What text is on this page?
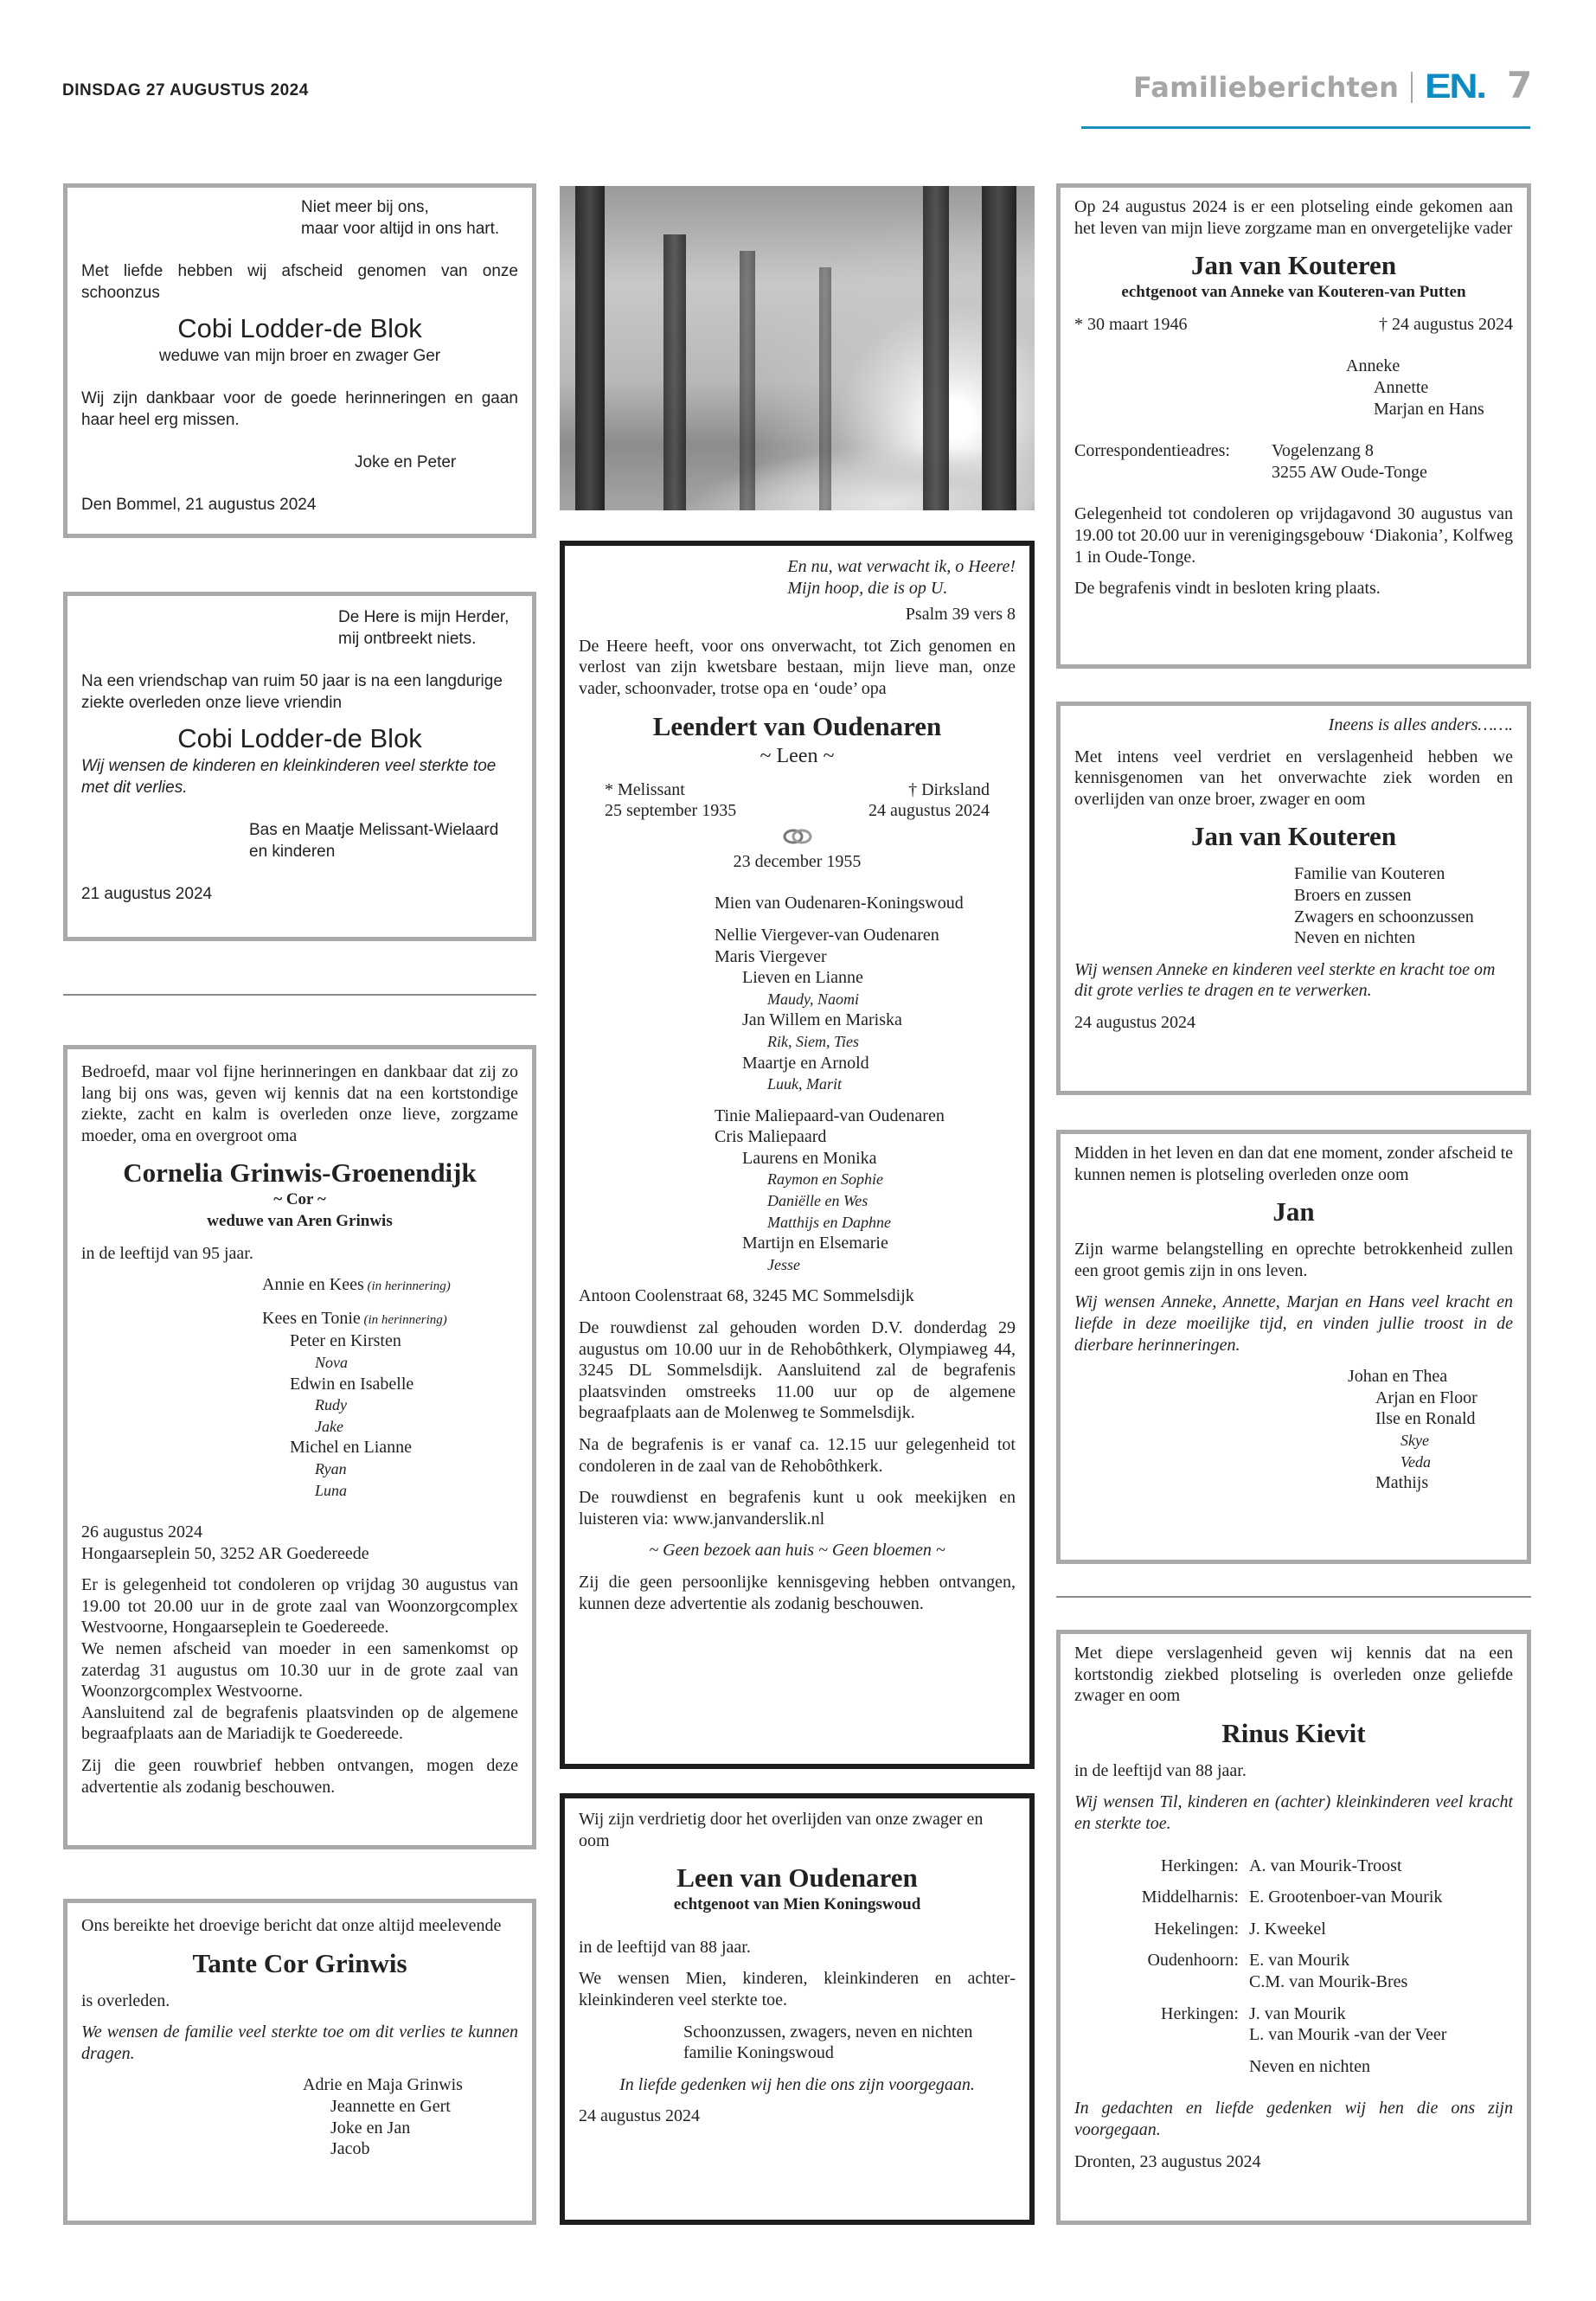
DINSDAG 27 AUGUSTUS 2024	Familieberichten EN. 7
Niet meer bij ons,
maar voor altijd in ons hart.
Met liefde hebben wij afscheid genomen van onze schoonzus
Cobi Lodder-de Blok
weduwe van mijn broer en zwager Ger
Wij zijn dankbaar voor de goede herinneringen en gaan haar heel erg missen.
Joke en Peter
Den Bommel, 21 augustus 2024
De Here is mijn Herder,
mij ontbreekt niets.
Na een vriendschap van ruim 50 jaar is na een langdurige ziekte overleden onze lieve vriendin
Cobi Lodder-de Blok
Wij wensen de kinderen en kleinkinderen veel sterkte toe met dit verlies.
Bas en Maatje Melissant-Wielaard
en kinderen
21 augustus 2024
Bedroefd, maar vol fijne herinneringen en dankbaar dat zij zo lang bij ons was, geven wij kennis dat na een kortstondige ziekte, zacht en kalm is overleden onze lieve, zorgzame moeder, oma en overgroot oma
Cornelia Grinwis-Groenendijk
~ Cor ~
weduwe van Aren Grinwis
in de leeftijd van 95 jaar.
Annie en Kees (in herinnering)
Kees en Tonie (in herinnering)
Peter en Kirsten
Nova
Edwin en Isabelle
Rudy
Jake
Michel en Lianne
Ryan
Luna
26 augustus 2024
Hongaarseplein 50, 3252 AR Goedereede
Er is gelegenheid tot condoleren op vrijdag 30 augustus van 19.00 tot 20.00 uur in de grote zaal van Woonzorgcomplex Westvoorne, Hongaarseplein te Goedereede.
We nemen afscheid van moeder in een samenkomst op zaterdag 31 augustus om 10.30 uur in de grote zaal van Woonzorgcomplex Westvoorne.
Aansluitend zal de begrafenis plaatsvinden op de algemene begraafplaats aan de Mariadijk te Goedereede.
Zij die geen rouwbrief hebben ontvangen, mogen deze advertentie als zodanig beschouwen.
Ons bereikte het droevige bericht dat onze altijd meelevende
Tante Cor Grinwis
is overleden.
We wensen de familie veel sterkte toe om dit verlies te kunnen dragen.
Adrie en Maja Grinwis
Jeannette en Gert
Joke en Jan
Jacob
En nu, wat verwacht ik, o Heere!
Mijn hoop, die is op U.
Psalm 39 vers 8
De Heere heeft, voor ons onverwacht, tot Zich genomen en verlost van zijn kwetsbare bestaan, mijn lieve man, onze vader, schoonvader, trotse opa en ‘oude’ opa
Leendert van Oudenaren
~ Leen ~
* Melissant
25 september 1935
† Dirksland
24 augustus 2024
23 december 1955
Mien van Oudenaren-Koningswoud
Nellie Viergever-van Oudenaren
Maris Viergever
Lieven en Lianne
Maudy, Naomi
Jan Willem en Mariska
Rik, Siem, Ties
Maartje en Arnold
Luuk, Marit
Tinie Maliepaard-van Oudenaren
Cris Maliepaard
Laurens en Monika
Raymon en Sophie
Daniëlle en Wes
Matthijs en Daphne
Martijn en Elsemarie
Jesse
Antoon Coolenstraat 68, 3245 MC Sommelsdijk
De rouwdienst zal gehouden worden D.V. donderdag 29 augustus om 10.00 uur in de Rehobôthkerk, Olympiaweg 44, 3245 DL Sommelsdijk. Aansluitend zal de begrafenis plaatsvinden omstreeks 11.00 uur op de algemene begraafplaats aan de Molenweg te Sommelsdijk.
Na de begrafenis is er vanaf ca. 12.15 uur gelegenheid tot condoleren in de zaal van de Rehobôthkerk.
De rouwdienst en begrafenis kunt u ook meekijken en luisteren via: www.janvanderslik.nl
~ Geen bezoek aan huis ~ Geen bloemen ~
Zij die geen persoonlijke kennisgeving hebben ontvangen, kunnen deze advertentie als zodanig beschouwen.
Wij zijn verdrietig door het overlijden van onze zwager en oom
Leen van Oudenaren
echtgenoot van Mien Koningswoud
in de leeftijd van 88 jaar.
We wensen Mien, kinderen, kleinkinderen en achterkleinkinderen veel sterkte toe.
Schoonzussen, zwagers, neven en nichten
familie Koningswoud
In liefde gedenken wij hen die ons zijn voorgegaan.
24 augustus 2024
Op 24 augustus 2024 is er een plotseling einde gekomen aan het leven van mijn lieve zorgzame man en onvergetelijke vader
Jan van Kouteren
echtgenoot van Anneke van Kouteren-van Putten
* 30 maart 1946	† 24 augustus 2024
Anneke
Annette
Marjan en Hans
Correspondentieadres:	Vogelenzang 8
3255 AW Oude-Tonge
Gelegenheid tot condoleren op vrijdagavond 30 augustus van 19.00 tot 20.00 uur in verenigingsgebouw ‘Diakonia’, Kolfweg 1 in Oude-Tonge.
De begrafenis vindt in besloten kring plaats.
Ineens is alles anders…….
Met intens veel verdriet en verslagenheid hebben we kennisgenomen van het onverwachte ziek worden en overlijden van onze broer, zwager en oom
Jan van Kouteren
Familie van Kouteren
Broers en zussen
Zwagers en schoonzussen
Neven en nichten
Wij wensen Anneke en kinderen veel sterkte en kracht toe om dit grote verlies te dragen en te verwerken.
24 augustus 2024
Midden in het leven en dan dat ene moment, zonder afscheid te kunnen nemen is plotseling overleden onze oom
Jan
Zijn warme belangstelling en oprechte betrokkenheid zullen een groot gemis zijn in ons leven.
Wij wensen Anneke, Annette, Marjan en Hans veel kracht en liefde in deze moeilijke tijd, en vinden jullie troost in de dierbare herinneringen.
Johan en Thea
Arjan en Floor
Ilse en Ronald
Skye
Veda
Mathijs
Met diepe verslagenheid geven wij kennis dat na een kortstondig ziekbed plotseling is overleden onze geliefde zwager en oom
Rinus Kievit
in de leeftijd van 88 jaar.
Wij wensen Til, kinderen en (achter) kleinkinderen veel kracht en sterkte toe.
Herkingen: A. van Mourik-Troost
Middelharnis: E. Grootenboer-van Mourik
Hekelingen: J. Kweekel
Oudenhoorn: E. van Mourik
C.M. van Mourik-Bres
Herkingen: J. van Mourik
L. van Mourik -van der Veer
Neven en nichten
In gedachten en liefde gedenken wij hen die ons zijn voorgegaan.
Dronten, 23 augustus 2024
